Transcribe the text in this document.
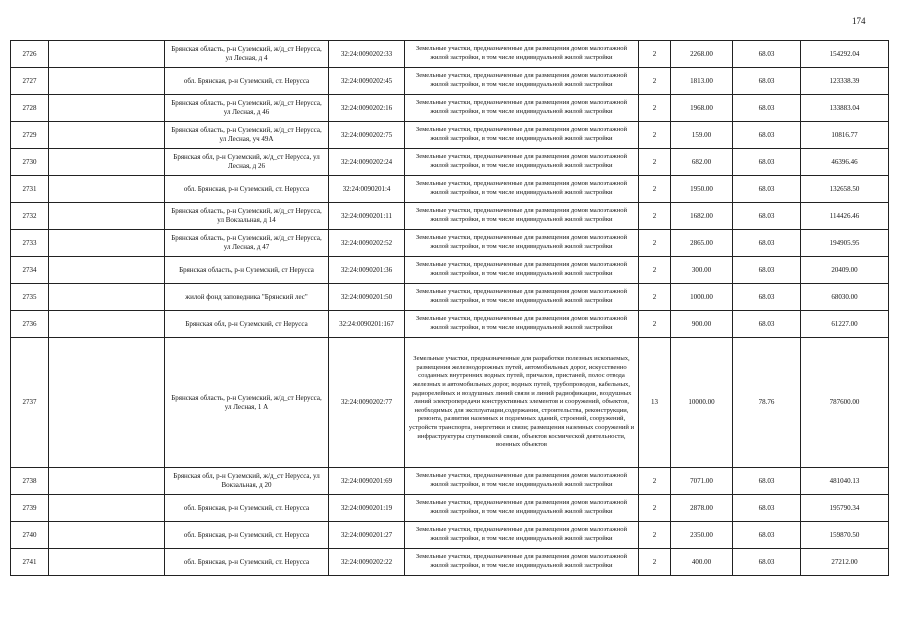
174
2726		Брянская область, р-н Суземский, ж/д_ст Нерусса, ул Лесная, д 4	32:24:0090202:33	Земельные участки, предназначенные для размещения домов малоэтажной жилой застройки, в том числе индивидуальной жилой застройки	2	2268.00	68.03	154292.04
2727		обл. Брянская, р-н Суземский, ст. Нерусса	32:24:0090202:45	Земельные участки, предназначенные для размещения домов малоэтажной жилой застройки, в том числе индивидуальной жилой застройки	2	1813.00	68.03	123338.39
2728		Брянская область, р-н Суземский, ж/д_ст Нерусса, ул Лесная, д 46	32:24:0090202:16	Земельные участки, предназначенные для размещения домов малоэтажной жилой застройки, в том числе индивидуальной жилой застройки	2	1968.00	68.03	133883.04
2729		Брянская область, р-н Суземский, ж/д_ст Нерусса, ул Лесная, уч 49А	32:24:0090202:75	Земельные участки, предназначенные для размещения домов малоэтажной жилой застройки, в том числе индивидуальной жилой застройки	2	159.00	68.03	10816.77
2730		Брянская обл, р-н Суземский, ж/д_ст Нерусса, ул Лесная, д 26	32:24:0090202:24	Земельные участки, предназначенные для размещения домов малоэтажной жилой застройки, в том числе индивидуальной жилой застройки	2	682.00	68.03	46396.46
2731		обл. Брянская, р-н Суземский, ст. Нерусса	32:24:0090201:4	Земельные участки, предназначенные для размещения домов малоэтажной жилой застройки, в том числе индивидуальной жилой застройки	2	1950.00	68.03	132658.50
2732		Брянская область, р-н Суземский, ж/д_ст Нерусса, ул Вокзальная, д 14	32:24:0090201:11	Земельные участки, предназначенные для размещения домов малоэтажной жилой застройки, в том числе индивидуальной жилой застройки	2	1682.00	68.03	114426.46
2733		Брянская область, р-н Суземский, ж/д_ст Нерусса, ул Лесная, д 47	32:24:0090202:52	Земельные участки, предназначенные для размещения домов малоэтажной жилой застройки, в том числе индивидуальной жилой застройки	2	2865.00	68.03	194905.95
2734		Брянская область, р-н Суземский, ст Нерусса	32:24:0090201:36	Земельные участки, предназначенные для размещения домов малоэтажной жилой застройки, в том числе индивидуальной жилой застройки	2	300.00	68.03	20409.00
2735		жилой фонд заповедника "Брянский лес"	32:24:0090201:50	Земельные участки, предназначенные для размещения домов малоэтажной жилой застройки, в том числе индивидуальной жилой застройки	2	1000.00	68.03	68030.00
2736		Брянская обл, р-н Суземский, ст Нерусса	32:24:0090201:167	Земельные участки, предназначенные для размещения домов малоэтажной жилой застройки, в том числе индивидуальной жилой застройки	2	900.00	68.03	61227.00
2737		Брянская область, р-н Суземский, ж/д_ст Нерусса, ул Лесная, 1 А	32:24:0090202:77	Земельные участки, предназначенные для разработки полезных ископаемых, размещения железнодорожных путей, автомобильных дорог, искусственно созданных внутренних водных путей, причалов, пристаней, полос отвода железных и автомобильных дорог, водных путей, трубопроводов, кабельных, радиорелейных и воздушных линий связи и линий радиофикации, воздушных линий электропередачи конструктивных элементов и сооружений, объектов, необходимых для эксплуатации,содержания, строительства, реконструкции, ремонта, развития наземных и подземных зданий, строений, сооружений, устройств транспорта, энергетики и связи; размещения наземных сооружений и инфраструктуры спутниковой связи, объектов космической деятельности, военных объектов	13	10000.00	78.76	787600.00
2738		Брянская обл, р-н Суземский, ж/д_ст Нерусса, ул Вокзальная, д 20	32:24:0090201:69	Земельные участки, предназначенные для размещения домов малоэтажной жилой застройки, в том числе индивидуальной жилой застройки	2	7071.00	68.03	481040.13
2739		обл. Брянская, р-н Суземский, ст. Нерусса	32:24:0090201:19	Земельные участки, предназначенные для размещения домов малоэтажной жилой застройки, в том числе индивидуальной жилой застройки	2	2878.00	68.03	195790.34
2740		обл. Брянская, р-н Суземский, ст. Нерусса	32:24:0090201:27	Земельные участки, предназначенные для размещения домов малоэтажной жилой застройки, в том числе индивидуальной жилой застройки	2	2350.00	68.03	159870.50
2741		обл. Брянская, р-н Суземский, ст. Нерусса	32:24:0090202:22	Земельные участки, предназначенные для размещения домов малоэтажной жилой застройки, в том числе индивидуальной жилой застройки	2	400.00	68.03	27212.00
